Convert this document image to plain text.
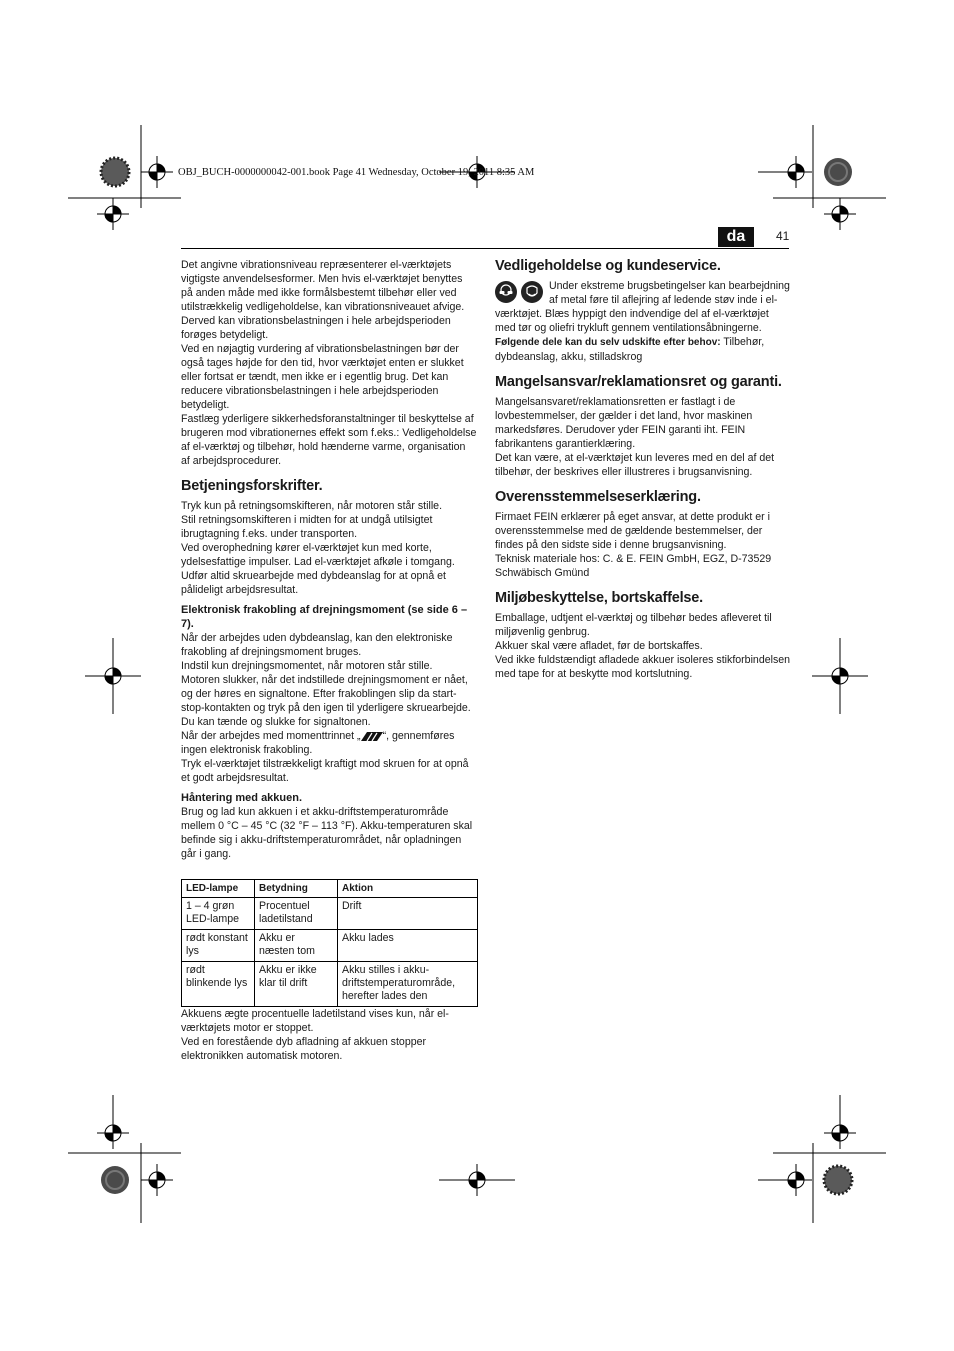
OBJ_BUCH-0000000042-001.book Page 41 Wednesday, October 19, 2011 8:35 AM
da	41

Det angivne vibrationsniveau repræsenterer el-værktøjets vigtigste anvendelsesformer. Men hvis el-værktøjet benyttes på anden måde med ikke formålsbestemt tilbehør eller ved utilstrækkelig vedligeholdelse, kan vibrationsniveauet afvige. Derved kan vibrationsbelastningen i hele arbejdsperioden forøges betydeligt.

Ved en nøjagtig vurdering af vibrationsbelastningen bør der også tages højde for den tid, hvor værktøjet enten er slukket eller fortsat er tændt, men ikke er i egentlig brug. Det kan reducere vibrationsbelastningen i hele arbejdsperioden betydeligt.

Fastlæg yderligere sikkerhedsforanstaltninger til beskyttelse af brugeren mod vibrationernes effekt som f.eks.: Vedligeholdelse af el-værktøj og tilbehør, hold hænderne varme, organisation af arbejdsprocedurer.

Betjeningsforskrifter.

Tryk kun på retningsomskifteren, når motoren står stille.

Stil retningsomskifteren i midten for at undgå utilsigtet ibrugtagning f.eks. under transporten.

Ved overophedning kører el-værktøjet kun med korte, ydelsesfattige impulser. Lad el-værktøjet afkøle i tomgang.

Udfør altid skruearbejde med dybdeanslag for at opnå et pålideligt arbejdsresultat.

Elektronisk frakobling af drejningsmoment (se side 6 – 7).

Når der arbejdes uden dybdeanslag, kan den elektroniske frakobling af drejningsmoment bruges.

Indstil kun drejningsmomentet, når motoren står stille.

Motoren slukker, når det indstillede drejningsmoment er nået, og der høres en signaltone. Efter frakoblingen slip da start-stop-kontakten og tryk på den igen til yderligere skruearbejde.

Du kan tænde og slukke for signaltonen.

Når der arbejdes med momenttrinnet „ “, gennemføres ingen elektronisk frakobling.

Tryk el-værktøjet tilstrækkeligt kraftigt mod skruen for at opnå et godt arbejdsresultat.

Håntering med akkuen.

Brug og lad kun akkuen i et akku-driftstemperaturområde mellem 0 °C – 45 °C (32 °F – 113 °F). Akku-temperaturen skal befinde sig i akku-driftstemperaturområdet, når opladningen går i gang.

LED-lampe	Betydning	Aktion
1 – 4 grøn LED-lampe	Procentuel ladetilstand	Drift
rødt konstant lys	Akku er næsten tom	Akku lades
rødt blinkende lys	Akku er ikke klar til drift	Akku stilles i akku-driftstemperaturområde, herefter lades den

Akkuens ægte procentuelle ladetilstand vises kun, når el-værktøjets motor er stoppet.

Ved en forestående dyb afladning af akkuen stopper elektronikken automatisk motoren.

Vedligeholdelse og kundeservice.

Under ekstreme brugsbetingelser kan bearbejdning af metal føre til aflejring af ledende støv inde i el-værktøjet. Blæs hyppigt den indvendige del af el-værktøjet med tør og oliefri trykluft gennem ventilationsåbningerne.

Følgende dele kan du selv udskifte efter behov: Tilbehør, dybdeanslag, akku, stilladskrog

Mangelsansvar/reklamationsret og garanti.

Mangelsansvaret/reklamationsretten er fastlagt i de lovbestemmelser, der gælder i det land, hvor maskinen markedsføres. Derudover yder FEIN garanti iht. FEIN fabrikantens garantierklæring.

Det kan være, at el-værktøjet kun leveres med en del af det tilbehør, der beskrives eller illustreres i brugsanvisning.

Overensstemmelseserklæring.

Firmaet FEIN erklærer på eget ansvar, at dette produkt er i overensstemmelse med de gældende bestemmelser, der findes på den sidste side i denne brugsanvisning.

Teknisk materiale hos: C. & E. FEIN GmbH, EGZ, D-73529 Schwäbisch Gmünd

Miljøbeskyttelse, bortskaffelse.

Emballage, udtjent el-værktøj og tilbehør bedes afleveret til miljøvenlig genbrug.

Akkuer skal være afladet, før de bortskaffes.

Ved ikke fuldstændigt afladede akkuer isoleres stikforbindelsen med tape for at beskytte mod kortslutning.
